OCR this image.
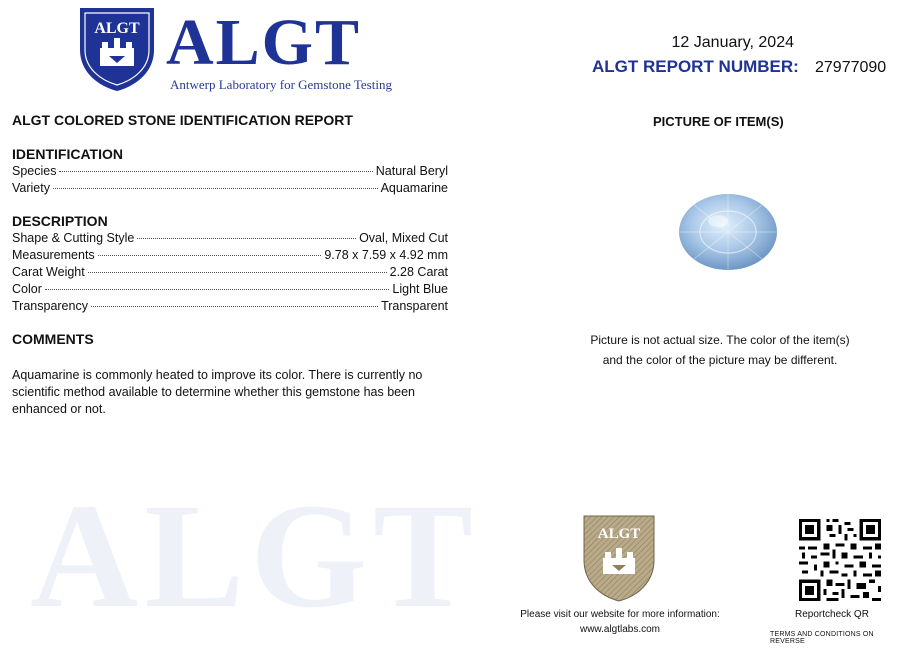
ALGT
ALGT ALGT
Antwerp Laboratory for Gemstone Testing
12 January, 2024
ALGT REPORT NUMBER: 27977090
ALGT COLORED STONE IDENTIFICATION REPORT
IDENTIFICATION
Species	Natural Beryl
Variety	Aquamarine
DESCRIPTION
Shape & Cutting Style	Oval, Mixed Cut
Measurements	9.78 x 7.59 x 4.92 mm
Carat Weight	2.28 Carat
Color	Light Blue
Transparency	Transparent
COMMENTS
Aquamarine is commonly heated to improve its color. There is currently no scientific method available to determine whether this gemstone has been enhanced or not.
PICTURE OF ITEM(S)
Picture is not actual size. The color of the item(s)
and the color of the picture may be different.
ALGT
Please visit our website for more information:
www.algtlabs.com
Reportcheck QR
TERMS AND CONDITIONS ON REVERSE
